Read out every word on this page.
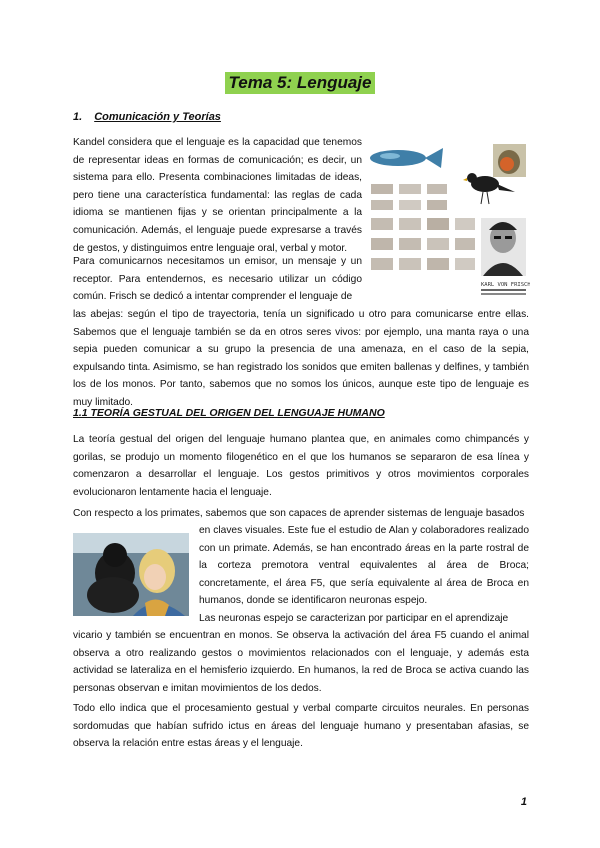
Tema 5: Lenguaje
1. Comunicación y Teorías

Kandel considera que el lenguaje es la capacidad que tenemos de representar ideas en formas de comunicación; es decir, un sistema para ello. Presenta combinaciones limitadas de ideas, pero tiene una característica fundamental: las reglas de cada idioma se mantienen fijas y se orientan principalmente a la comunicación. Además, el lenguaje puede expresarse a través de gestos, y distinguimos entre lenguaje oral, verbal y motor.

Para comunicarnos necesitamos un emisor, un mensaje y un receptor. Para entendernos, es necesario utilizar un código común. Frisch se dedicó a intentar comprender el lenguaje de

las abejas: según el tipo de trayectoria, tenía un significado u otro para comunicarse entre ellas. Sabemos que el lenguaje también se da en otros seres vivos: por ejemplo, una manta raya o una sepia pueden comunicar a su grupo la presencia de una amenaza, en el caso de la sepia, expulsando tinta. Asimismo, se han registrado los sonidos que emiten ballenas y delfines, y también los de los monos. Por tanto, sabemos que no somos los únicos, aunque este tipo de lenguaje es muy limitado.

KARL VON FRISCH
1.1 TEORÍA GESTUAL DEL ORIGEN DEL LENGUAJE HUMANO

La teoría gestual del origen del lenguaje humano plantea que, en animales como chimpancés y gorilas, se produjo un momento filogenético en el que los humanos se separaron de esa línea y comenzaron a desarrollar el lenguaje. Los gestos primitivos y otros movimientos corporales evolucionaron lentamente hacia el lenguaje.

Con respecto a los primates, sabemos que son capaces de aprender sistemas de lenguaje basados

en claves visuales. Este fue el estudio de Alan y colaboradores realizado con un primate. Además, se han encontrado áreas en la parte rostral de la corteza premotora ventral equivalentes al área de Broca; concretamente, el área F5, que sería equivalente al área de Broca en humanos, donde se identificaron neuronas espejo.

Las neuronas espejo se caracterizan por participar en el aprendizaje

vicario y también se encuentran en monos. Se observa la activación del área F5 cuando el animal observa a otro realizando gestos o movimientos relacionados con el lenguaje, y además esta actividad se lateraliza en el hemisferio izquierdo. En humanos, la red de Broca se activa cuando las personas observan e imitan movimientos de los dedos.

Todo ello indica que el procesamiento gestual y verbal comparte circuitos neurales. En personas sordomudas que habían sufrido ictus en áreas del lenguaje humano y presentaban afasias, se observa la relación entre estas áreas y el lenguaje.

1
